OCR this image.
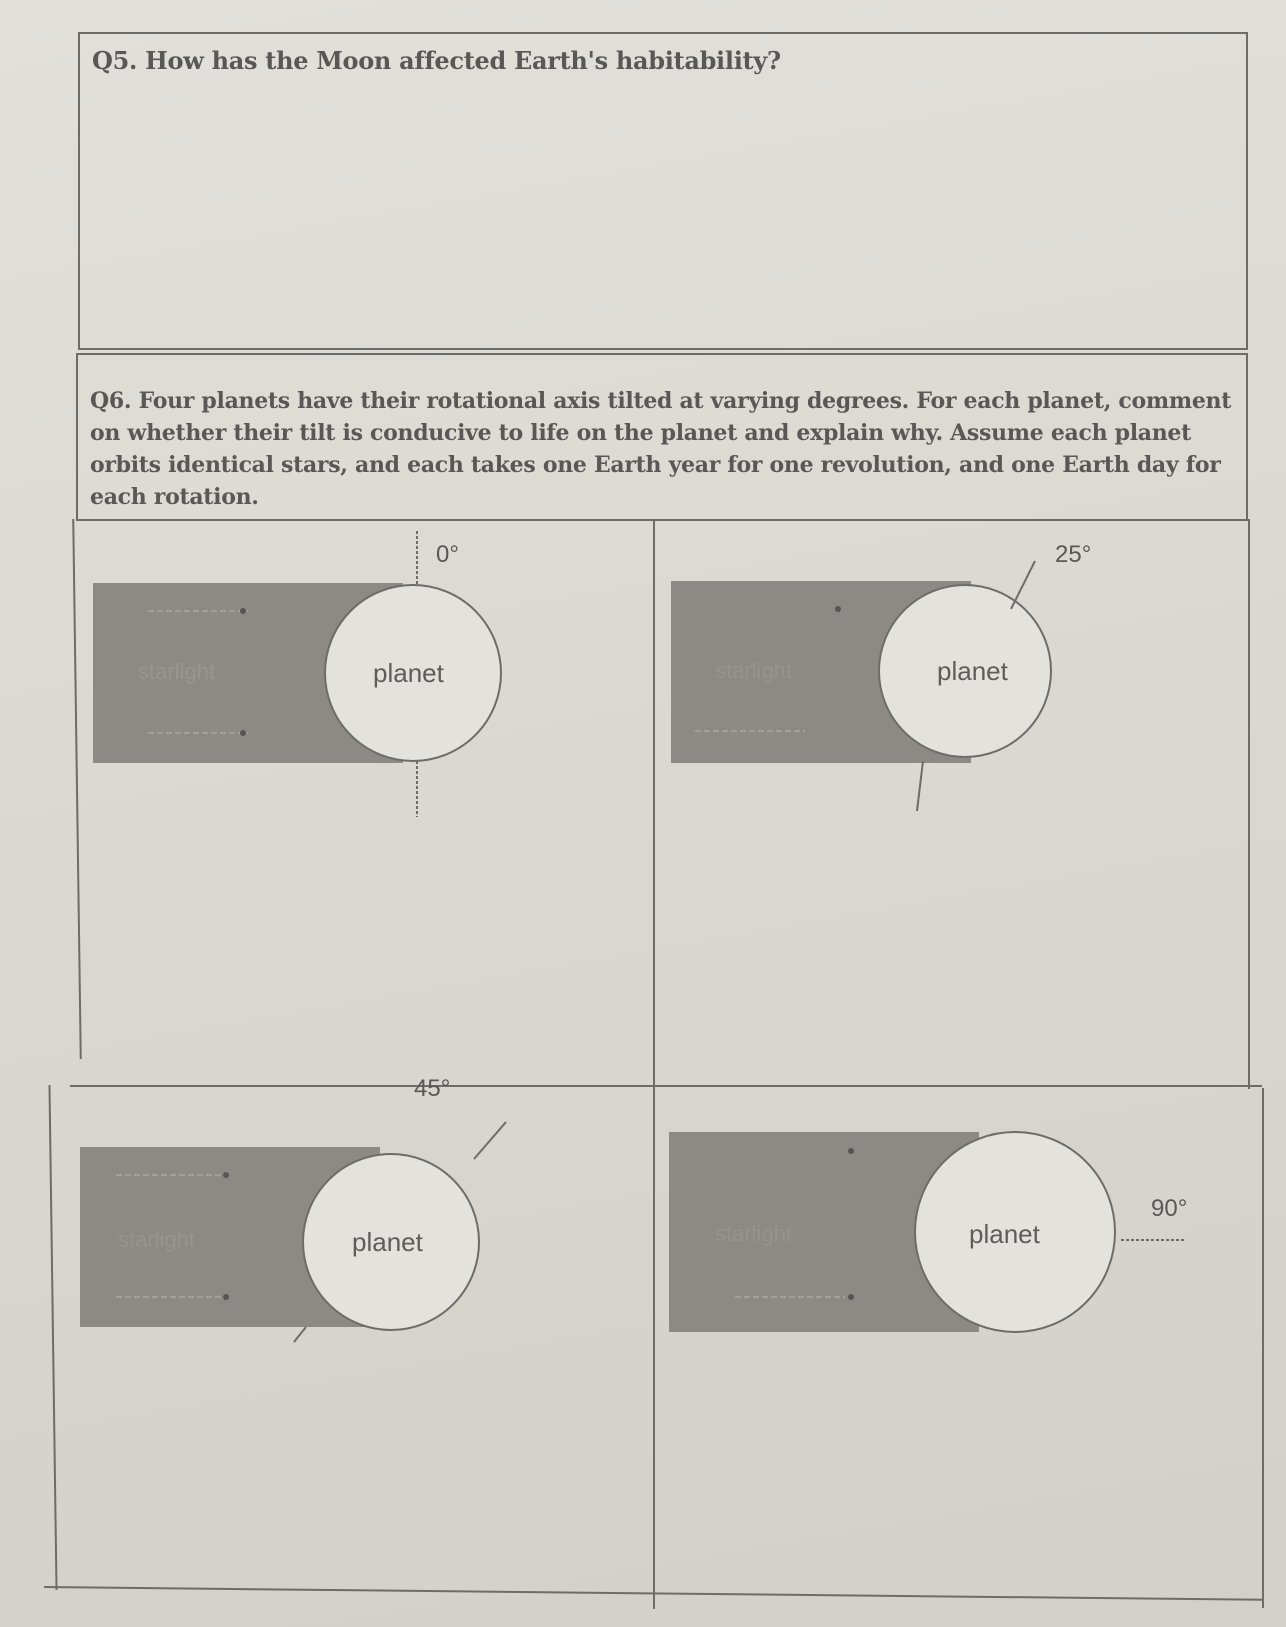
Q5. How has the Moon affected Earth's habitability?
Q6. Four planets have their rotational axis tilted at varying degrees. For each planet, comment on whether their tilt is conducive to life on the planet and explain why. Assume each planet orbits identical stars, and each takes one Earth year for one revolution, and one Earth day for each rotation.
0°
planet
starlight
25°
planet
starlight
45°
planet
starlight
90°
planet
starlight
